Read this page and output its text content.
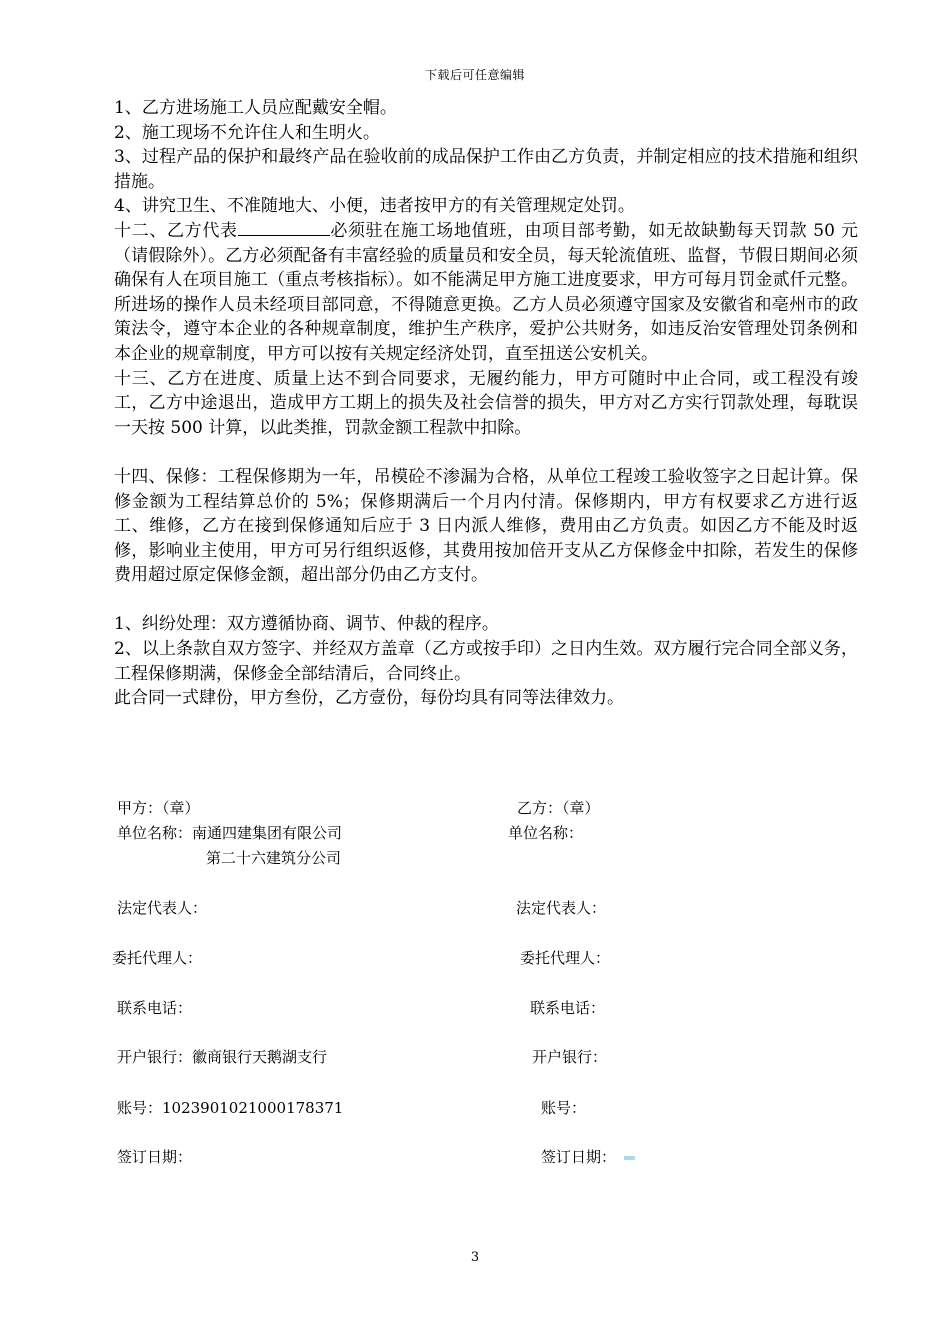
下载后可任意编辑

1、乙方进场施工人员应配戴安全帽。

2、施工现场不允许住人和生明火。

3、过程产品的保护和最终产品在验收前的成品保护工作由乙方负责，并制定相应的技术措施和组织措施。

4、讲究卫生、不准随地大、小便，违者按甲方的有关管理规定处罚。

十二、乙方代表	必须驻在施工场地值班，由项目部考勤，如无故缺勤每天罚款 50 元（请假除外）。乙方必须配备有丰富经验的质量员和安全员，每天轮流值班、监督，节假日期间必须确保有人在项目施工（重点考核指标）。如不能满足甲方施工进度要求，甲方可每月罚金贰仟元整。所进场的操作人员未经项目部同意，不得随意更换。乙方人员必须遵守国家及安徽省和亳州市的政策法令，遵守本企业的各种规章制度，维护生产秩序，爱护公共财务，如违反治安管理处罚条例和本企业的规章制度，甲方可以按有关规定经济处罚，直至扭送公安机关。

十三、乙方在进度、质量上达不到合同要求，无履约能力，甲方可随时中止合同，或工程没有竣工，乙方中途退出，造成甲方工期上的损失及社会信誉的损失，甲方对乙方实行罚款处理，每耽误一天按 500 计算，以此类推，罚款金额工程款中扣除。

十四、保修：工程保修期为一年，吊模砼不渗漏为合格，从单位工程竣工验收签字之日起计算。保修金额为工程结算总价的 5%；保修期满后一个月内付清。保修期内，甲方有权要求乙方进行返工、维修，乙方在接到保修通知后应于 3 日内派人维修，费用由乙方负责。如因乙方不能及时返修，影响业主使用，甲方可另行组织返修，其费用按加倍开支从乙方保修金中扣除，若发生的保修费用超过原定保修金额，超出部分仍由乙方支付。

1、纠纷处理：双方遵循协商、调节、仲裁的程序。

2、以上条款自双方签字、并经双方盖章（乙方或按手印）之日内生效。双方履行完合同全部义务，工程保修期满，保修金全部结清后，合同终止。

此合同一式肆份，甲方叁份，乙方壹份，每份均具有同等法律效力。

甲方：（章）
单位名称：南通四建集团有限公司
第二十六建筑分公司
法定代表人：
委托代理人：
联系电话：
开户银行：徽商银行天鹅湖支行
账号：1023901021000178371
签订日期：
乙方：（章）
单位名称：
法定代表人：
委托代理人：
联系电话：
开户银行：
账号：
签订日期：
3
